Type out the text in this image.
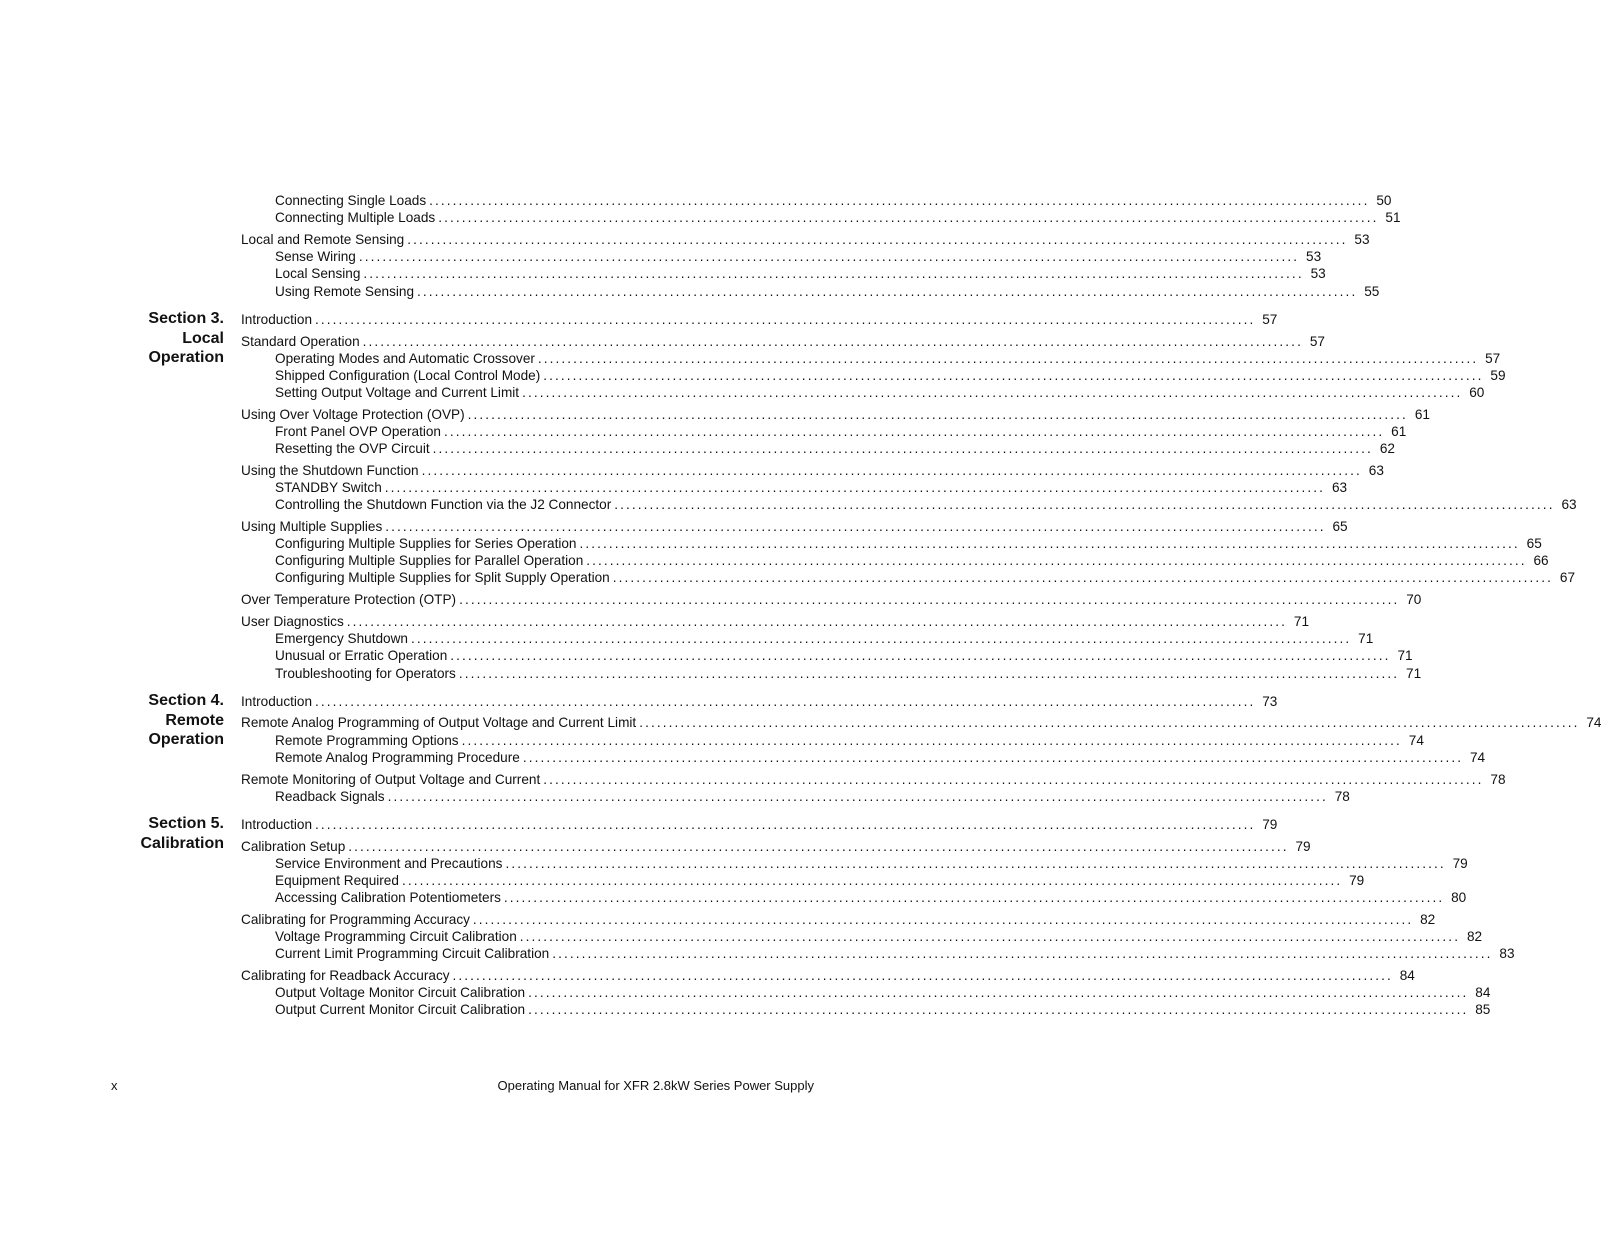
Section 3.
Local
Operation
Section 4.
Remote
Operation
Section 5.
Calibration
Connecting Single Loads ................................................................................................................................................................ 50
Connecting Multiple Loads ................................................................................................................................................................ 51
Local and Remote Sensing ................................................................................................................................................................ 53
Sense Wiring ................................................................................................................................................................ 53
Local Sensing ................................................................................................................................................................ 53
Using Remote Sensing ................................................................................................................................................................ 55
Introduction ................................................................................................................................................................ 57
Standard Operation ................................................................................................................................................................ 57
Operating Modes and Automatic Crossover ................................................................................................................................................................ 57
Shipped Configuration (Local Control Mode) ................................................................................................................................................................ 59
Setting Output Voltage and Current Limit ................................................................................................................................................................ 60
Using Over Voltage Protection (OVP) ................................................................................................................................................................ 61
Front Panel OVP Operation ................................................................................................................................................................ 61
Resetting the OVP Circuit ................................................................................................................................................................ 62
Using the Shutdown Function ................................................................................................................................................................ 63
STANDBY Switch ................................................................................................................................................................ 63
Controlling the Shutdown Function via the J2 Connector ................................................................................................................................................................ 63
Using Multiple Supplies ................................................................................................................................................................ 65
Configuring Multiple Supplies for Series Operation ................................................................................................................................................................ 65
Configuring Multiple Supplies for Parallel Operation ................................................................................................................................................................ 66
Configuring Multiple Supplies for Split Supply Operation ................................................................................................................................................................ 67
Over Temperature Protection (OTP) ................................................................................................................................................................ 70
User Diagnostics ................................................................................................................................................................ 71
Emergency Shutdown ................................................................................................................................................................ 71
Unusual or Erratic Operation ................................................................................................................................................................ 71
Troubleshooting for Operators ................................................................................................................................................................ 71
Introduction ................................................................................................................................................................ 73
Remote Analog Programming of Output Voltage and Current Limit ................................................................................................................................................................ 74
Remote Programming Options ................................................................................................................................................................ 74
Remote Analog Programming Procedure ................................................................................................................................................................ 74
Remote Monitoring of Output Voltage and Current ................................................................................................................................................................ 78
Readback Signals ................................................................................................................................................................ 78
Introduction ................................................................................................................................................................ 79
Calibration Setup ................................................................................................................................................................ 79
Service Environment and Precautions ................................................................................................................................................................ 79
Equipment Required ................................................................................................................................................................ 79
Accessing Calibration Potentiometers ................................................................................................................................................................ 80
Calibrating for Programming Accuracy ................................................................................................................................................................ 82
Voltage Programming Circuit Calibration ................................................................................................................................................................ 82
Current Limit Programming Circuit Calibration ................................................................................................................................................................ 83
Calibrating for Readback Accuracy ................................................................................................................................................................ 84
Output Voltage Monitor Circuit Calibration ................................................................................................................................................................ 84
Output Current Monitor Circuit Calibration ................................................................................................................................................................ 85
x	Operating Manual for XFR 2.8kW Series Power Supply
